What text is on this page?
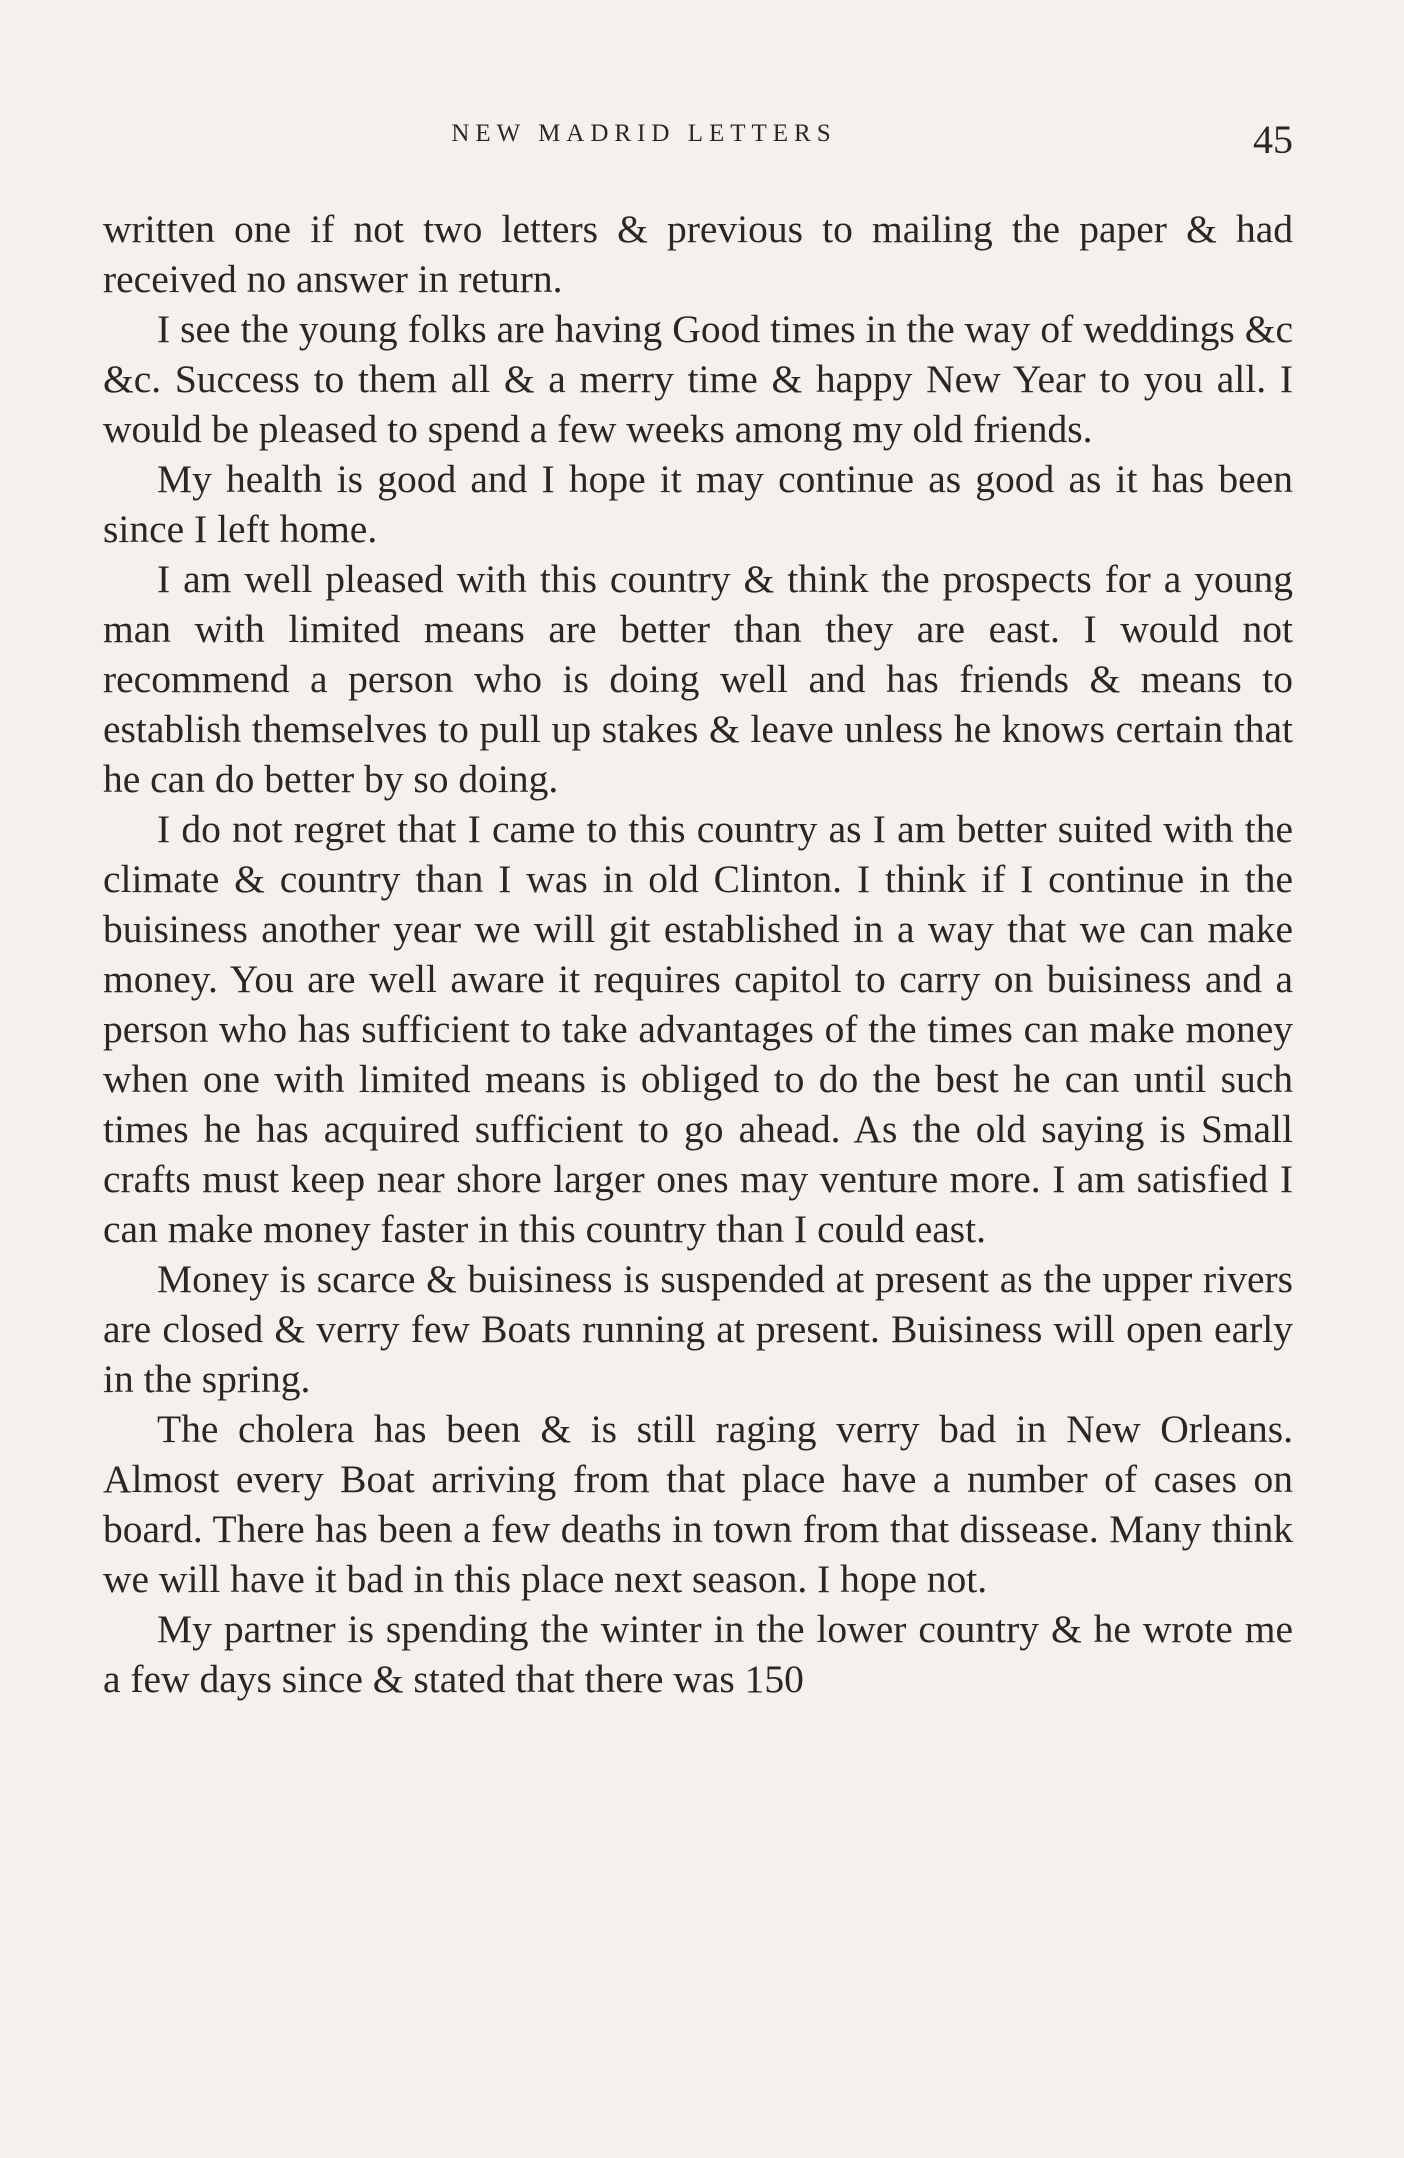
NEW MADRID LETTERS	45

written one if not two letters & previous to mailing the paper & had received no answer in return.

I see the young folks are having Good times in the way of weddings &c &c. Success to them all & a merry time & happy New Year to you all. I would be pleased to spend a few weeks among my old friends.

My health is good and I hope it may continue as good as it has been since I left home.

I am well pleased with this country & think the prospects for a young man with limited means are better than they are east. I would not recommend a person who is doing well and has friends & means to establish themselves to pull up stakes & leave unless he knows certain that he can do better by so doing.

I do not regret that I came to this country as I am better suited with the climate & country than I was in old Clinton. I think if I continue in the buisiness another year we will git established in a way that we can make money. You are well aware it requires capitol to carry on buisiness and a person who has sufficient to take advantages of the times can make money when one with limited means is obliged to do the best he can until such times he has acquired sufficient to go ahead. As the old saying is Small crafts must keep near shore larger ones may venture more. I am satisfied I can make money faster in this country than I could east.

Money is scarce & buisiness is suspended at present as the upper rivers are closed & verry few Boats running at present. Buisiness will open early in the spring.

The cholera has been & is still raging verry bad in New Orleans. Almost every Boat arriving from that place have a number of cases on board. There has been a few deaths in town from that dissease. Many think we will have it bad in this place next season. I hope not.

My partner is spending the winter in the lower country & he wrote me a few days since & stated that there was 150
